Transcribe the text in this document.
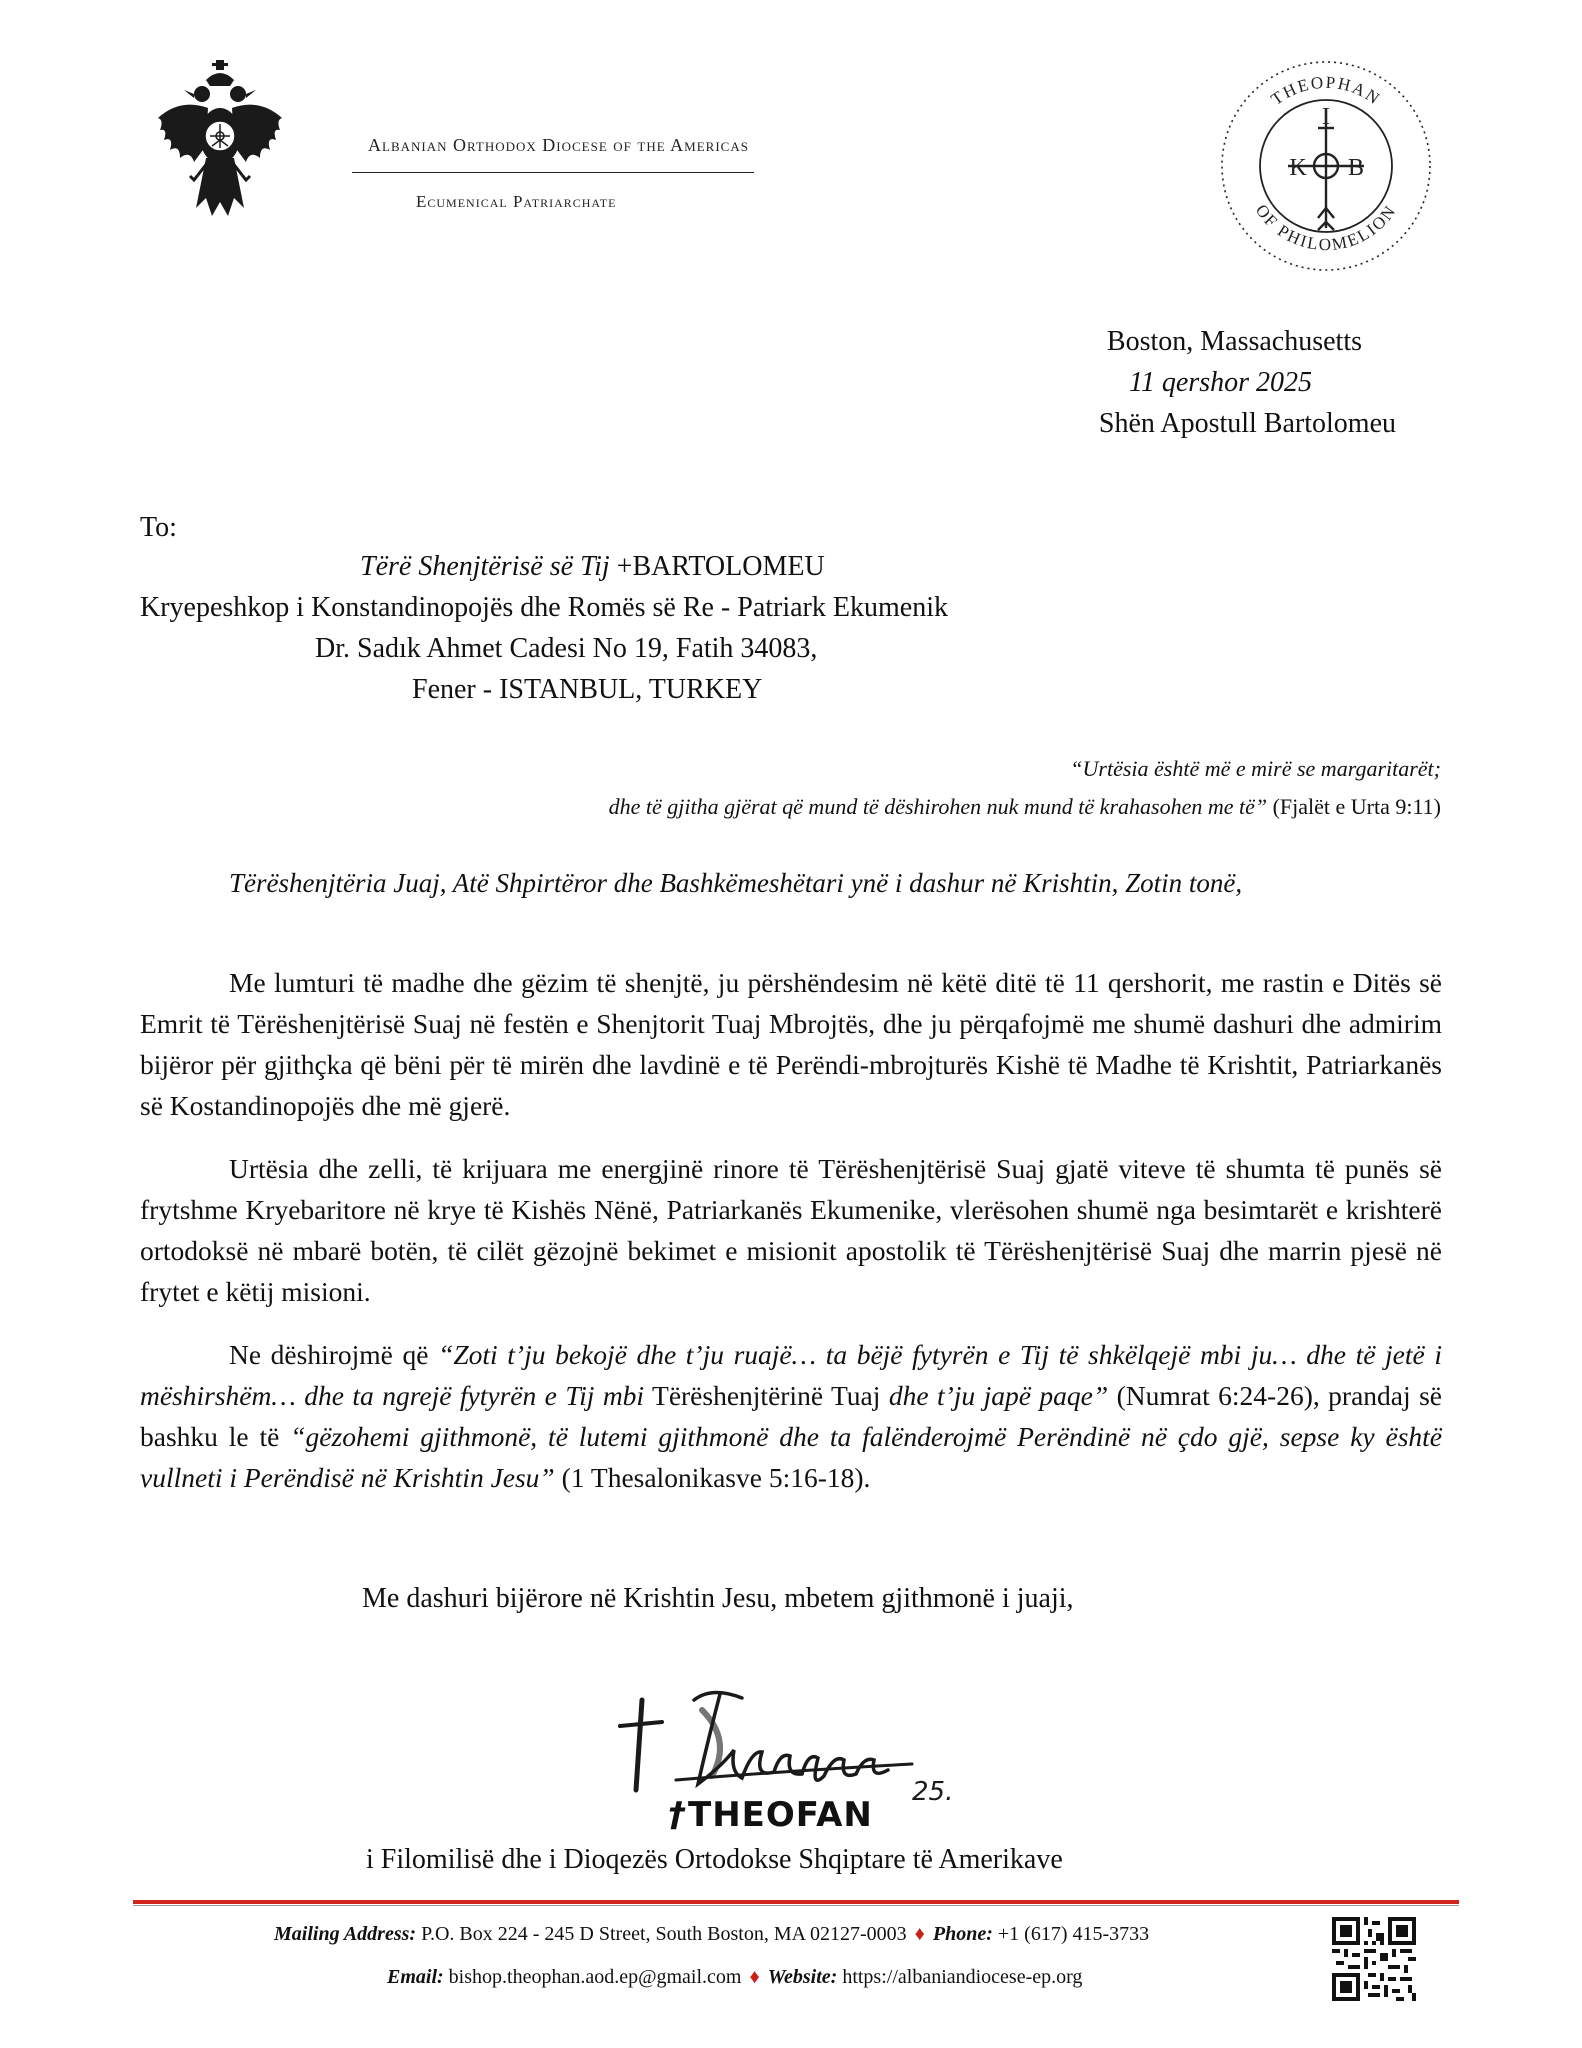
Albanian Orthodox Diocese of the Americas
Ecumenical Patriarchate
THEOPHAN
OF PHILOMELION
I
K B
Boston, Massachusetts
11 qershor 2025
Shën Apostull Bartolomeu
To:
Tërë Shenjtërisë së Tij +BARTOLOMEU
Kryepeshkop i Konstandinopojës dhe Romës së Re - Patriark Ekumenik
Dr. Sadık Ahmet Cadesi No 19, Fatih 34083,
Fener - ISTANBUL, TURKEY
“Urtësia është më e mirë se margaritarët;
dhe të gjitha gjërat që mund të dëshirohen nuk mund të krahasohen me të” (Fjalët e Urta 9:11)
Tërëshenjtëria Juaj, Atë Shpirtëror dhe Bashkëmeshëtari ynë i dashur në Krishtin, Zotin tonë,
Me lumturi të madhe dhe gëzim të shenjtë, ju përshëndesim në këtë ditë të 11 qershorit, me rastin e Ditës së Emrit të Tërëshenjtërisë Suaj në festën e Shenjtorit Tuaj Mbrojtës, dhe ju përqafojmë me shumë dashuri dhe admirim bijëror për gjithçka që bëni për të mirën dhe lavdinë e të Perëndi-mbrojturës Kishë të Madhe të Krishtit, Patriarkanës së Kostandinopojës dhe më gjerë.
Urtësia dhe zelli, të krijuara me energjinë rinore të Tërëshenjtërisë Suaj gjatë viteve të shumta të punës së frytshme Kryebaritore në krye të Kishës Nënë, Patriarkanës Ekumenike, vlerësohen shumë nga besimtarët e krishterë ortodoksë në mbarë botën, të cilët gëzojnë bekimet e misionit apostolik të Tërëshenjtërisë Suaj dhe marrin pjesë në frytet e këtij misioni.
Ne dëshirojmë që “Zoti t’ju bekojë dhe t’ju ruajë… ta bëjë fytyrën e Tij të shkëlqejë mbi ju… dhe të jetë i mëshirshëm… dhe ta ngrejë fytyrën e Tij mbi Tërëshenjtërinë Tuaj dhe t’ju japë paqe” (Numrat 6:24-26), prandaj së bashku le të “gëzohemi gjithmonë, të lutemi gjithmonë dhe ta falënderojmë Perëndinë në çdo gjë, sepse ky është vullneti i Perëndisë në Krishtin Jesu” (1 Thesalonikasve 5:16-18).
Me dashuri bijërore në Krishtin Jesu, mbetem gjithmonë i juaji,
25.
†THEOFAN
i Filomilisë dhe i Dioqezës Ortodokse Shqiptare të Amerikave
Mailing Address: P.O. Box 224 - 245 D Street, South Boston, MA 02127-0003 ♦ Phone: +1 (617) 415-3733
Email: bishop.theophan.aod.ep@gmail.com ♦ Website: https://albaniandiocese-ep.org
